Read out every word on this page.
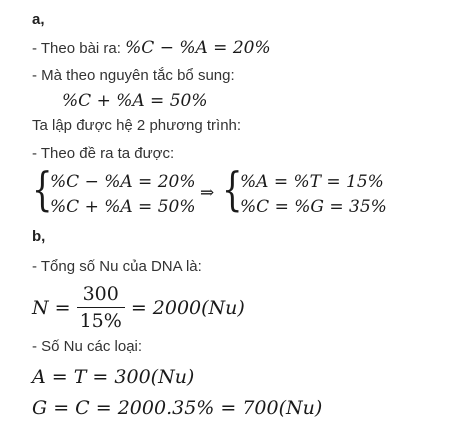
a,
- Theo bài ra: %C − %A = 20%
- Mà theo nguyên tắc bổ sung:
%C + %A = 50%
Ta lập được hệ 2 phương trình:
- Theo đề ra ta được:
{
%C − %A = 20%
%C + %A = 50%
⇒ {
%A = %T = 15%
%C = %G = 35%
b,
- Tổng số Nu của DNA là:
$N = \frac{300}{15\%} = 2000(Nu)$
- Số Nu các loại:
A = T = 300(Nu)
G = C = 2000.35% = 700(Nu)
